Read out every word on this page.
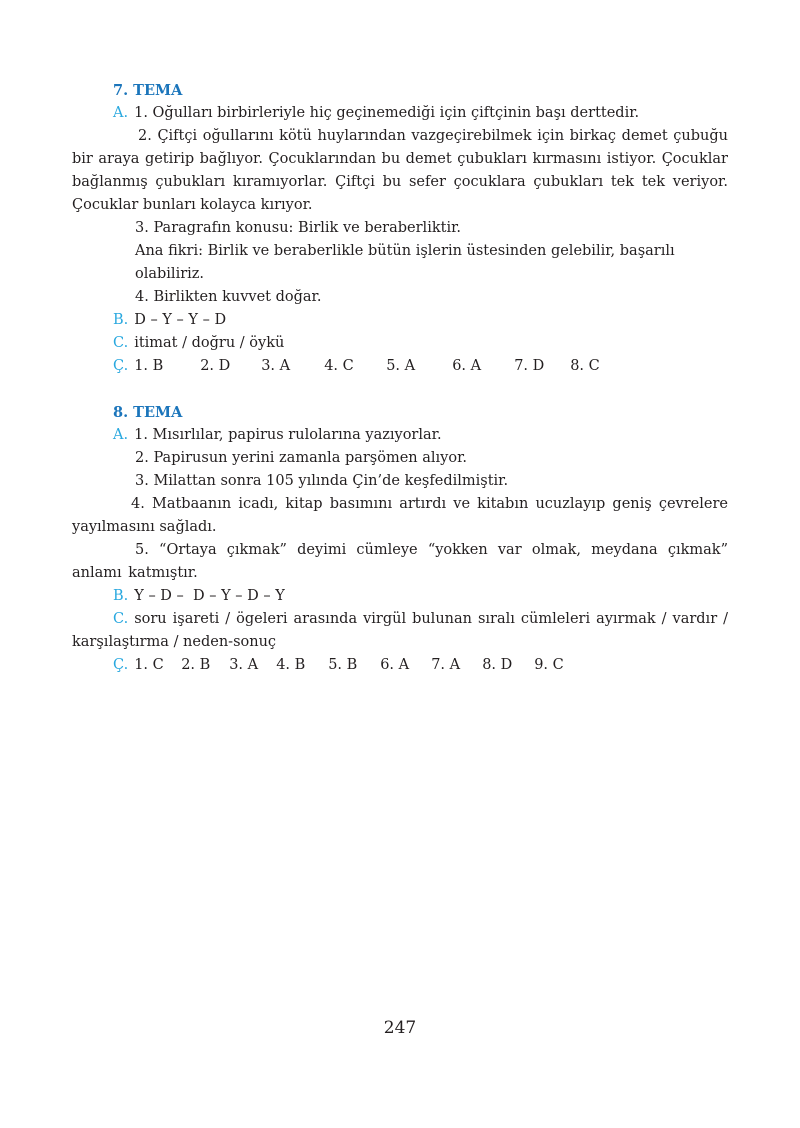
7. TEMA
A. 1. Oğulları birbirleriyle hiç geçinemediği için çiftçinin başı derttedir.
2. Çiftçi oğullarını kötü huylarından vazgeçirebilmek için birkaç demet çubuğu bir araya getirip bağlıyor. Çocuklarından bu demet çubukları kırmasını istiyor. Çocuklar bağlanmış çubukları kıramıyorlar. Çiftçi bu sefer çocuklara çubukları tek tek veriyor. Çocuklar bunları kolayca kırıyor.
3. Paragrafın konusu: Birlik ve beraberliktir.
Ana fikri: Birlik ve beraberlikle bütün işlerin üstesinden gelebilir, başarılı olabiliriz.
4. Birlikten kuvvet doğar.
B. D – Y – Y – D
C. itimat / doğru / öykü
Ç. 1. B	2. D	3. A	4. C	5. A	6. A	7. D	8. C
8. TEMA
A. 1. Mısırlılar, papirus rulolarına yazıyorlar.
2. Papirusun yerini zamanla parşömen alıyor.
3. Milattan sonra 105 yılında Çin’de keşfedilmiştir.
4. Matbaanın icadı, kitap basımını artırdı ve kitabın ucuzlayıp geniş çevrelere yayılmasını sağladı.
5. “Ortaya çıkmak” deyimi cümleye “yokken var olmak, meydana çıkmak” anlamı katmıştır.
B. Y – D –  D – Y – D – Y
C. soru işareti / ögeleri arasında virgül bulunan sıralı cümleleri ayırmak / vardır / karşılaştırma / neden-sonuç
Ç. 1. C	2. B	3. A	4. B	5. B	6. A	7. A	8. D	9. C
247
